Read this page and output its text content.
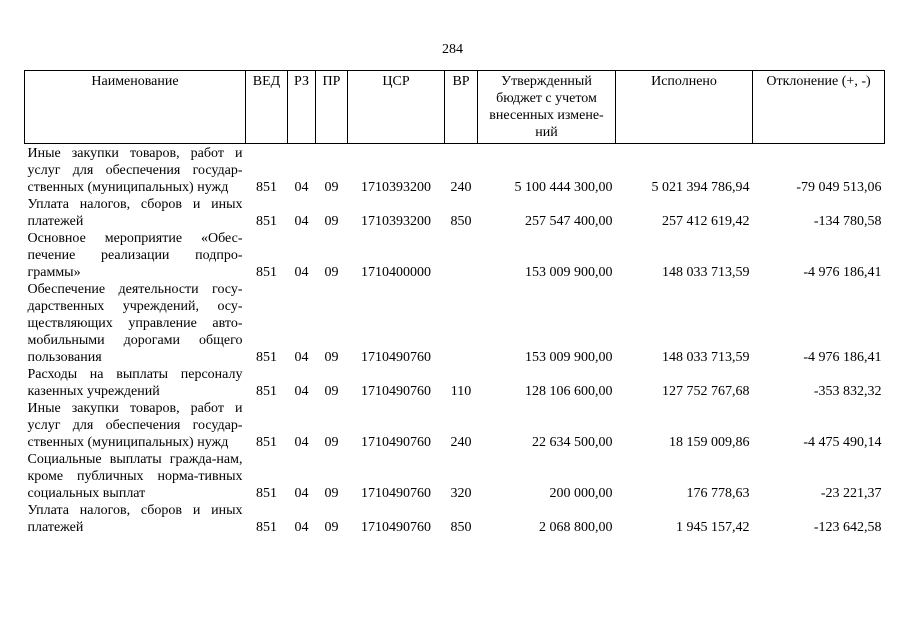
284
Наименование	ВЕД	РЗ	ПР	ЦСР	ВР	Утвержденный бюджет с учетом внесенных измене-ний	Исполнено	Отклонение (+, -)
Иные закупки товаров, работ и услуг для обеспечения государ-ственных (муниципальных) нужд	851	04	09	1710393200	240	5 100 444 300,00	5 021 394 786,94	-79 049 513,06
Уплата налогов, сборов и иных платежей	851	04	09	1710393200	850	257 547 400,00	257 412 619,42	-134 780,58
Основное мероприятие «Обес-печение реализации подпро-граммы»	851	04	09	1710400000		153 009 900,00	148 033 713,59	-4 976 186,41
Обеспечение деятельности госу-дарственных учреждений, осу-ществляющих управление авто-мобильными дорогами общего пользования	851	04	09	1710490760		153 009 900,00	148 033 713,59	-4 976 186,41
Расходы на выплаты персоналу казенных учреждений	851	04	09	1710490760	110	128 106 600,00	127 752 767,68	-353 832,32
Иные закупки товаров, работ и услуг для обеспечения государ-ственных (муниципальных) нужд	851	04	09	1710490760	240	22 634 500,00	18 159 009,86	-4 475 490,14
Социальные выплаты гражда-нам, кроме публичных норма-тивных социальных выплат	851	04	09	1710490760	320	200 000,00	176 778,63	-23 221,37
Уплата налогов, сборов и иных платежей	851	04	09	1710490760	850	2 068 800,00	1 945 157,42	-123 642,58
